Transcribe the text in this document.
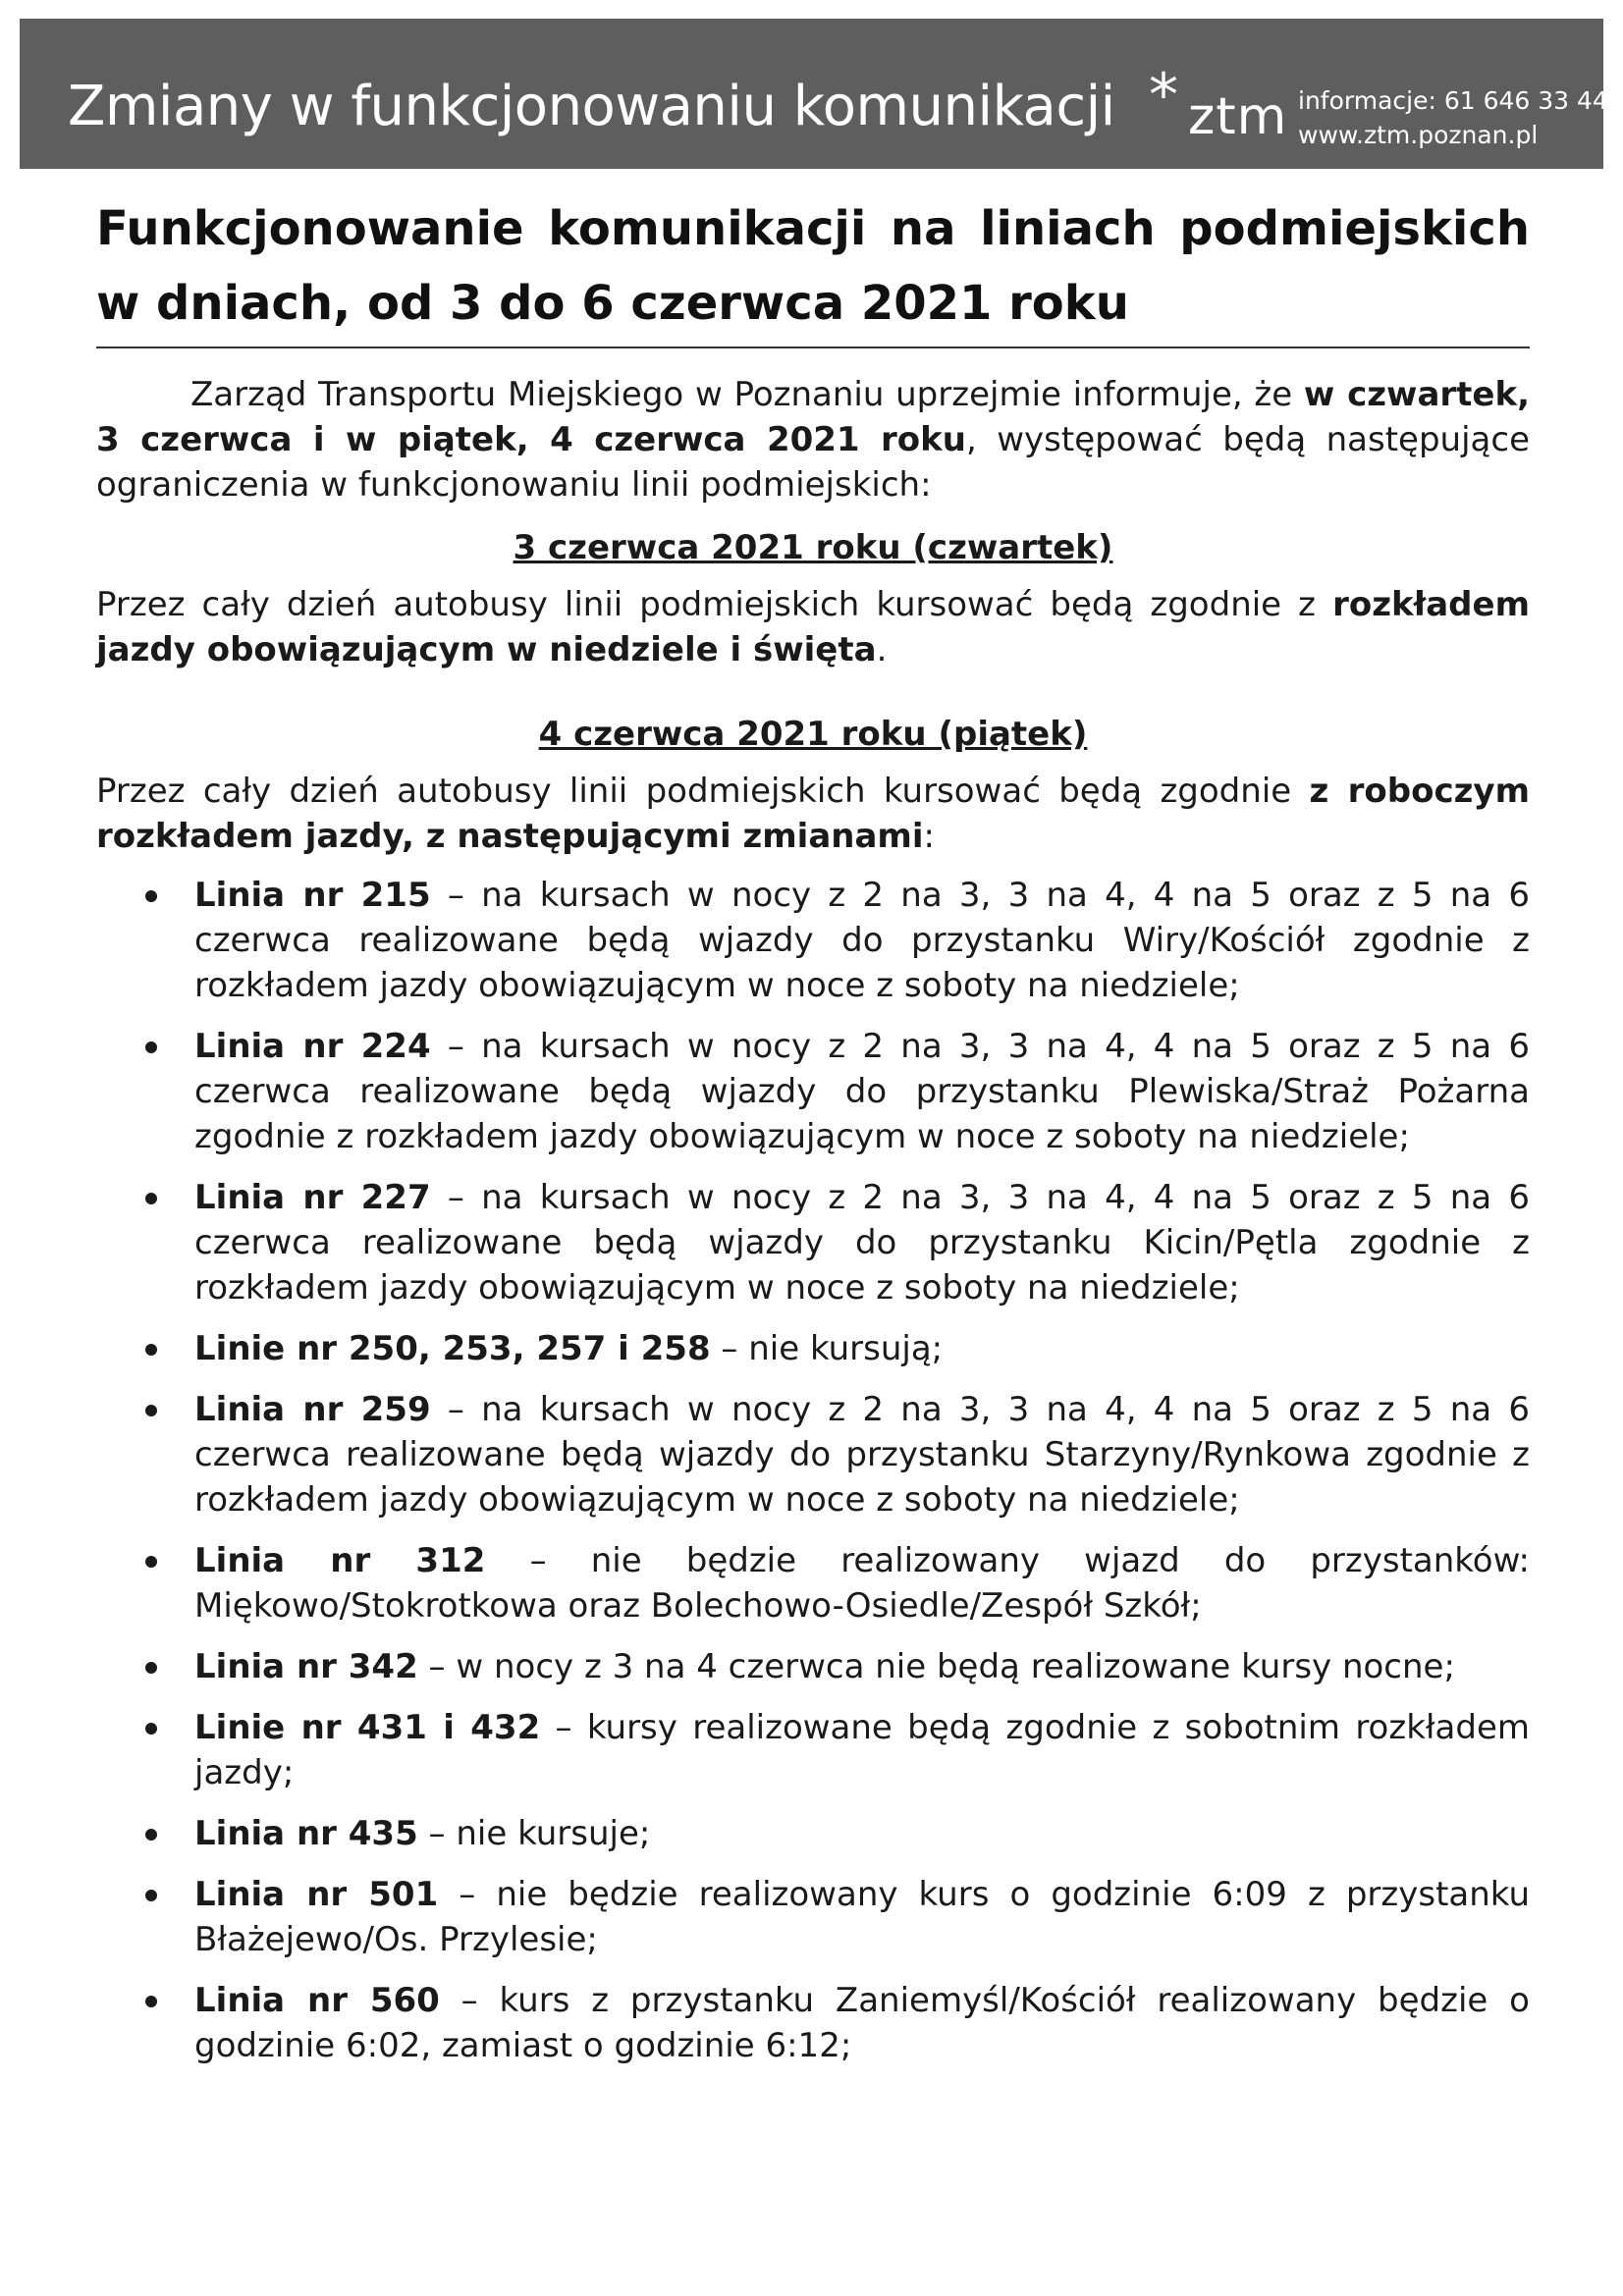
Zmiany w funkcjonowaniu komunikacji * ztm informacje: 61 646 33 44
www.ztm.poznan.pl
Funkcjonowanie komunikacji na liniach podmiejskich w dniach, od 3 do 6 czerwca 2021 roku

Zarząd Transportu Miejskiego w Poznaniu uprzejmie informuje, że w czwartek, 3 czerwca i w piątek, 4 czerwca 2021 roku, występować będą następujące ograniczenia w funkcjonowaniu linii podmiejskich:

3 czerwca 2021 roku (czwartek)

Przez cały dzień autobusy linii podmiejskich kursować będą zgodnie z rozkładem jazdy obowiązującym w niedziele i święta.

4 czerwca 2021 roku (piątek)

Przez cały dzień autobusy linii podmiejskich kursować będą zgodnie z roboczym rozkładem jazdy, z następującymi zmianami:

Linia nr 215 – na kursach w nocy z 2 na 3, 3 na 4, 4 na 5 oraz z 5 na 6 czerwca realizowane będą wjazdy do przystanku Wiry/Kościół zgodnie z rozkładem jazdy obowiązującym w noce z soboty na niedziele;
Linia nr 224 – na kursach w nocy z 2 na 3, 3 na 4, 4 na 5 oraz z 5 na 6 czerwca realizowane będą wjazdy do przystanku Plewiska/Straż Pożarna zgodnie z rozkładem jazdy obowiązującym w noce z soboty na niedziele;
Linia nr 227 – na kursach w nocy z 2 na 3, 3 na 4, 4 na 5 oraz z 5 na 6 czerwca realizowane będą wjazdy do przystanku Kicin/Pętla zgodnie z rozkładem jazdy obowiązującym w noce z soboty na niedziele;
Linie nr 250, 253, 257 i 258 – nie kursują;
Linia nr 259 – na kursach w nocy z 2 na 3, 3 na 4, 4 na 5 oraz z 5 na 6 czerwca realizowane będą wjazdy do przystanku Starzyny/Rynkowa zgodnie z rozkładem jazdy obowiązującym w noce z soboty na niedziele;
Linia nr 312 – nie będzie realizowany wjazd do przystanków: Miękowo/Stokrotkowa oraz Bolechowo-Osiedle/Zespół Szkół;
Linia nr 342 – w nocy z 3 na 4 czerwca nie będą realizowane kursy nocne;
Linie nr 431 i 432 – kursy realizowane będą zgodnie z sobotnim rozkładem jazdy;
Linia nr 435 – nie kursuje;
Linia nr 501 – nie będzie realizowany kurs o godzinie 6:09 z przystanku Błażejewo/Os. Przylesie;
Linia nr 560 – kurs z przystanku Zaniemyśl/Kościół realizowany będzie o godzinie 6:02, zamiast o godzinie 6:12;
